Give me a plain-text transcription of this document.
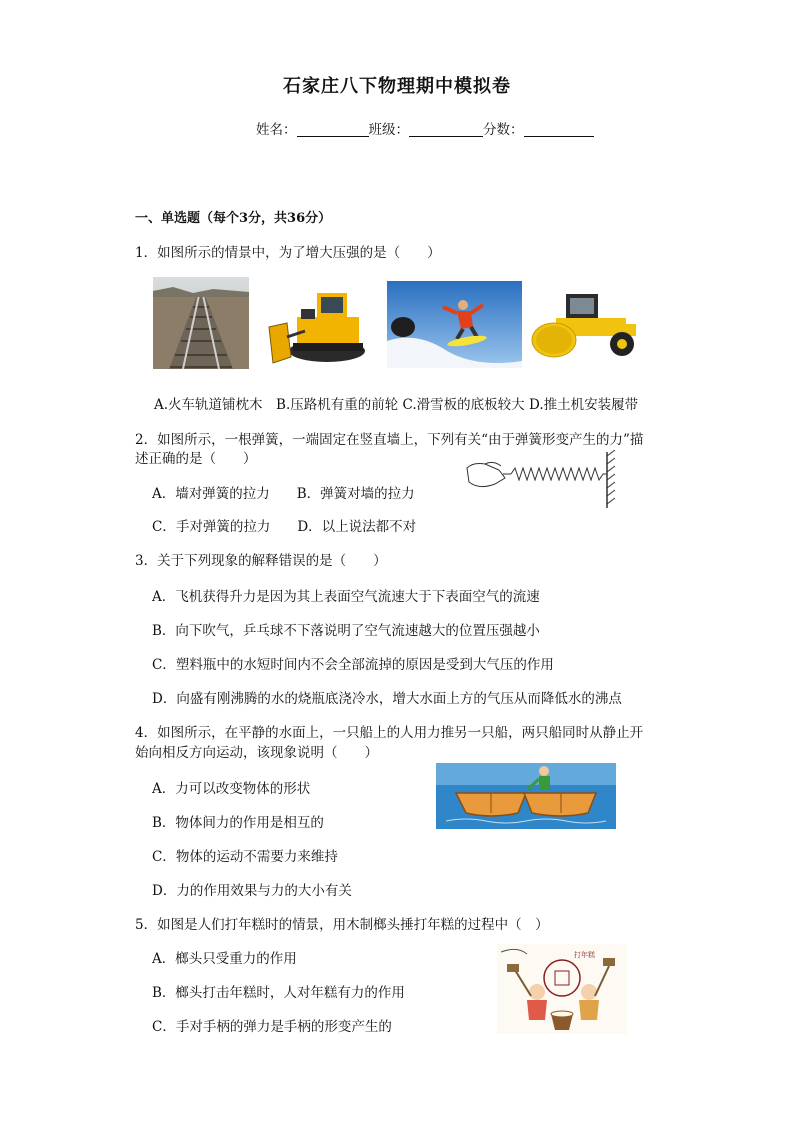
石家庄八下物理期中模拟卷
姓名：	班级：	分数：
一、单选题（每个3分，共36分）
1．如图所示的情景中，为了增大压强的是（　　）
A.火车轨道铺枕木　B.压路机有重的前轮 C.滑雪板的底板较大 D.推土机安装履带
2．如图所示，一根弹簧，一端固定在竖直墙上，下列有关“由于弹簧形变产生的力”描
述正确的是（　　）
A．墙对弹簧的拉力　　B．弹簧对墙的拉力
C．手对弹簧的拉力　　D．以上说法都不对
3．关于下列现象的解释错误的是（　　）
A．飞机获得升力是因为其上表面空气流速大于下表面空气的流速
B．向下吹气，乒乓球不下落说明了空气流速越大的位置压强越小
C．塑料瓶中的水短时间内不会全部流掉的原因是受到大气压的作用
D．向盛有刚沸腾的水的烧瓶底浇冷水，增大水面上方的气压从而降低水的沸点
4．如图所示，在平静的水面上，一只船上的人用力推另一只船，两只船同时从静止开
始向相反方向运动，该现象说明（　　）
A．力可以改变物体的形状
B．物体间力的作用是相互的
C．物体的运动不需要力来维持
D．力的作用效果与力的大小有关
5．如图是人们打年糕时的情景，用木制榔头捶打年糕的过程中（　）
A．榔头只受重力的作用
B．榔头打击年糕时，人对年糕有力的作用
C．手对手柄的弹力是手柄的形变产生的
打年糕
